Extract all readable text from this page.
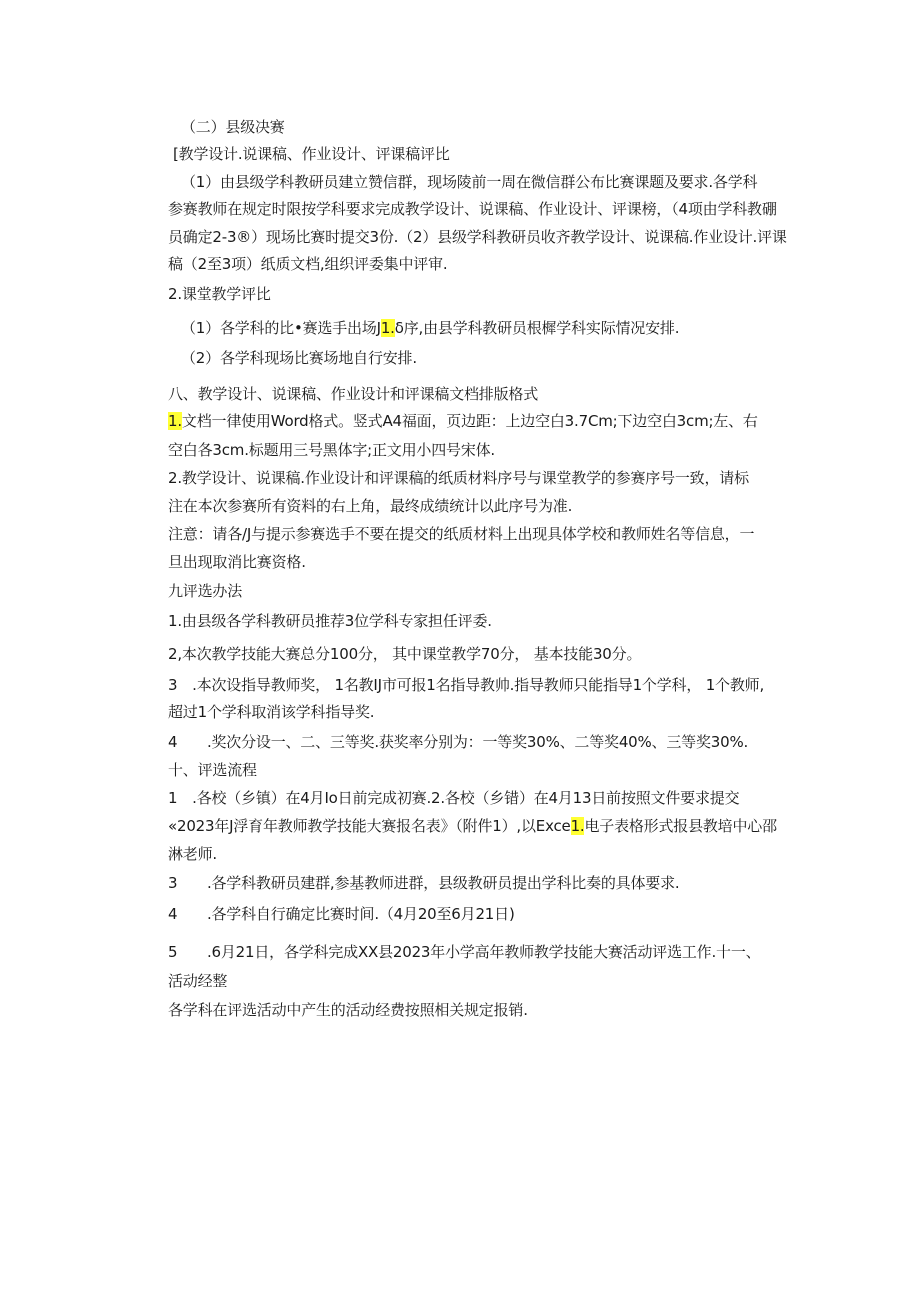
（二）县级决赛
[教学设计.说课稿、作业设计、评课稿评比
（1）由县级学科教研员建立赞信群，现场陵前一周在微信群公布比赛课题及要求.各学科
参赛教师在规定时限按学科要求完成教学设计、说课稿、作业设计、评课榜，（4项由学科教硼
员确定2-3®）现场比赛时提交3份.（2）县级学科教研员收齐教学设计、说课稿.作业设计.评课
稿（2至3项）纸质文档,组织评委集中评审.
2.课堂教学评比
（1）各学科的比•赛选手出场J1.δ序,由县学科教研员根樨学科实际情况安排.
（2）各学科现场比赛场地自行安排.
八、教学设计、说课稿、作业设计和评课稿文档排版格式
1.文档一律使用Word格式。竖式A4福面，页边距：上边空白3.7Cm;下边空白3cm;左、右
空白各3cm.标题用三号黑体字;正文用小四号宋体.
2.教学设计、说课稿.作业设计和评课稿的纸质材料序号与课堂教学的参赛序号一致，请标
注在本次参赛所有资料的右上角，最终成绩统计以此序号为准.
注意：请各/J与提示参赛选手不要在提交的纸质材料上出现具体学校和教师姓名等信息，一
旦出现取消比赛资格.
九评选办法
1.由县级各学科教研员推荐3位学科专家担任评委.
2,本次教学技能大赛总分100分， 其中课堂教学70分， 基本技能30分。
3　.本次设指导教师奖， 1名教IJ市可报1名指导教帅.指导教师只能指导1个学科， 1个教师,
超过1个学科取消该学科指导奖.
4　　.奖次分设一、二、三等奖.获奖率分别为：一等奖30%、二等奖40%、三等奖30%.
十、评选流程
1　.各校（乡镇）在4月Io日前完成初赛.2.各校（乡错）在4月13日前按照文件要求提交
«2023年J浮育年教师教学技能大赛报名表》（附件1）,以Exce1.电子表格形式报县教培中心邵
淋老师.
3　　.各学科教研员建群,参基教师进群，县级教研员提出学科比奏的具体要求.
4　　.各学科自行确定比赛时间.（4月20至6月21日)
5　　.6月21日，各学科完成XX县2023年小学高年教师教学技能大赛活动评选工作.十一、
活动经整
各学科在评选活动中产生的活动经费按照相关规定报销.
